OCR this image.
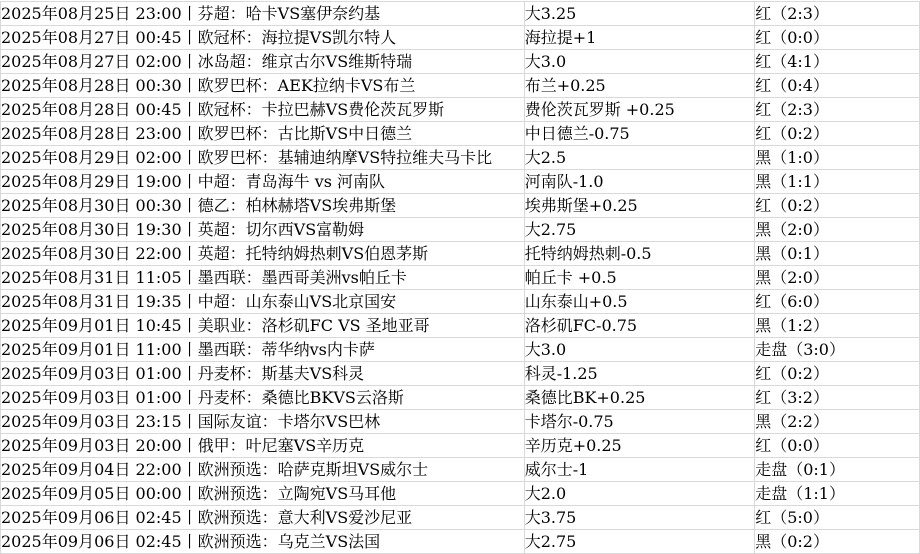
2025年08月25日 23:00丨芬超：哈卡VS塞伊奈约基	大3.25	红（2:3）
2025年08月27日 00:45丨欧冠杯：海拉提VS凯尔特人	海拉提+1	红（0:0）
2025年08月27日 02:00丨冰岛超：维京古尔VS维斯特瑞	大3.0	红（4:1）
2025年08月28日 00:30丨欧罗巴杯：AEK拉纳卡VS布兰	布兰+0.25	红（0:4）
2025年08月28日 00:45丨欧冠杯：卡拉巴赫VS费伦茨瓦罗斯	费伦茨瓦罗斯 +0.25	红（2:3）
2025年08月28日 23:00丨欧罗巴杯：古比斯VS中日德兰	中日德兰-0.75	红（0:2）
2025年08月29日 02:00丨欧罗巴杯：基辅迪纳摩VS特拉维夫马卡比	大2.5	黑（1:0）
2025年08月29日 19:00丨中超：青岛海牛 vs 河南队	河南队-1.0	黑（1:1）
2025年08月30日 00:30丨德乙：柏林赫塔VS埃弗斯堡	埃弗斯堡+0.25	红（0:2）
2025年08月30日 19:30丨英超：切尔西VS富勒姆	大2.75	黑（2:0）
2025年08月30日 22:00丨英超：托特纳姆热刺VS伯恩茅斯	托特纳姆热刺-0.5	黑（0:1）
2025年08月31日 11:05丨墨西联：墨西哥美洲vs帕丘卡	帕丘卡 +0.5	黑（2:0）
2025年08月31日 19:35丨中超：山东泰山VS北京国安	山东泰山+0.5	红（6:0）
2025年09月01日 10:45丨美职业：洛杉矶FC VS 圣地亚哥	洛杉矶FC-0.75	黑（1:2）
2025年09月01日 11:00丨墨西联：蒂华纳vs内卡萨	大3.0	走盘（3:0）
2025年09月03日 01:00丨丹麦杯：斯基夫VS科灵	科灵-1.25	红（0:2）
2025年09月03日 01:00丨丹麦杯：桑德比BKVS云洛斯	桑德比BK+0.25	红（3:2）
2025年09月03日 23:15丨国际友谊：卡塔尔VS巴林	卡塔尔-0.75	黑（2:2）
2025年09月03日 20:00丨俄甲：叶尼塞VS辛历克	辛历克+0.25	红（0:0）
2025年09月04日 22:00丨欧洲预选：哈萨克斯坦VS威尔士	威尔士-1	走盘（0:1）
2025年09月05日 00:00丨欧洲预选：立陶宛VS马耳他	大2.0	走盘（1:1）
2025年09月06日 02:45丨欧洲预选：意大利VS爱沙尼亚	大3.75	红（5:0）
2025年09月06日 02:45丨欧洲预选：乌克兰VS法国	大2.75	黑（0:2）
